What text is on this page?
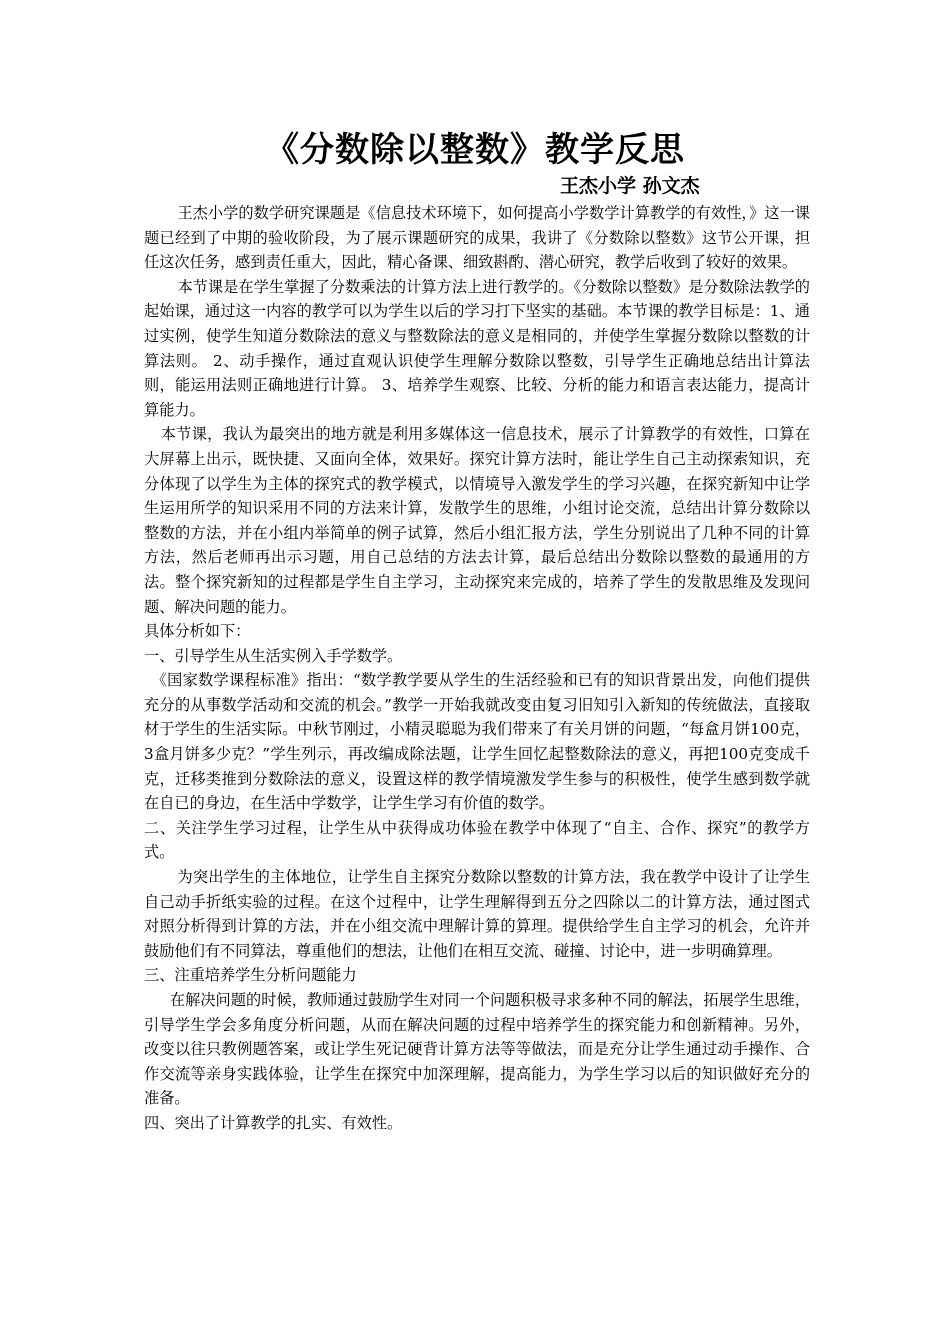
《分数除以整数》教学反思
王杰小学 孙文杰

王杰小学的数学研究课题是《信息技术环境下，如何提高小学数学计算教学的有效性，》这一课题已经到了中期的验收阶段，为了展示课题研究的成果，我讲了《分数除以整数》这节公开课，担任这次任务，感到责任重大，因此，精心备课、细致斟酌、潜心研究，教学后收到了较好的效果。

本节课是在学生掌握了分数乘法的计算方法上进行教学的。《分数除以整数》是分数除法教学的起始课，通过这一内容的教学可以为学生以后的学习打下坚实的基础。本节课的教学目标是：1、通过实例，使学生知道分数除法的意义与整数除法的意义是相同的，并使学生掌握分数除以整数的计算法则。 2、动手操作，通过直观认识使学生理解分数除以整数，引导学生正确地总结出计算法则，能运用法则正确地进行计算。 3、培养学生观察、比较、分析的能力和语言表达能力，提高计算能力。

本节课，我认为最突出的地方就是利用多媒体这一信息技术，展示了计算教学的有效性，口算在大屏幕上出示，既快捷、又面向全体，效果好。探究计算方法时，能让学生自己主动探索知识，充分体现了以学生为主体的探究式的教学模式，以情境导入激发学生的学习兴趣，在探究新知中让学生运用所学的知识采用不同的方法来计算，发散学生的思维，小组讨论交流，总结出计算分数除以整数的方法，并在小组内举简单的例子试算，然后小组汇报方法，学生分别说出了几种不同的计算方法，然后老师再出示习题，用自己总结的方法去计算，最后总结出分数除以整数的最通用的方法。整个探究新知的过程都是学生自主学习，主动探究来完成的，培养了学生的发散思维及发现问题、解决问题的能力。

具体分析如下：

一、引导学生从生活实例入手学数学。

《国家数学课程标准》指出：“数学教学要从学生的生活经验和已有的知识背景出发，向他们提供充分的从事数学活动和交流的机会。”教学一开始我就改变由复习旧知引入新知的传统做法，直接取材于学生的生活实际。中秋节刚过，小精灵聪聪为我们带来了有关月饼的问题，“每盒月饼100克，3盒月饼多少克？”学生列示，再改编成除法题，让学生回忆起整数除法的意义，再把100克变成千克，迁移类推到分数除法的意义，设置这样的教学情境激发学生参与的积极性，使学生感到数学就在自已的身边，在生活中学数学，让学生学习有价值的数学。

二、关注学生学习过程，让学生从中获得成功体验在教学中体现了“自主、合作、探究”的教学方式。

为突出学生的主体地位，让学生自主探究分数除以整数的计算方法，我在教学中设计了让学生自己动手折纸实验的过程。在这个过程中，让学生理解得到五分之四除以二的计算方法，通过图式对照分析得到计算的方法，并在小组交流中理解计算的算理。提供给学生自主学习的机会，允许并鼓励他们有不同算法，尊重他们的想法，让他们在相互交流、碰撞、讨论中，进一步明确算理。

三、注重培养学生分析问题能力

在解决问题的时候，教师通过鼓励学生对同一个问题积极寻求多种不同的解法，拓展学生思维，引导学生学会多角度分析问题，从而在解决问题的过程中培养学生的探究能力和创新精神。另外，改变以往只教例题答案，或让学生死记硬背计算方法等等做法，而是充分让学生通过动手操作、合作交流等亲身实践体验，让学生在探究中加深理解，提高能力，为学生学习以后的知识做好充分的准备。

四、突出了计算教学的扎实、有效性。
